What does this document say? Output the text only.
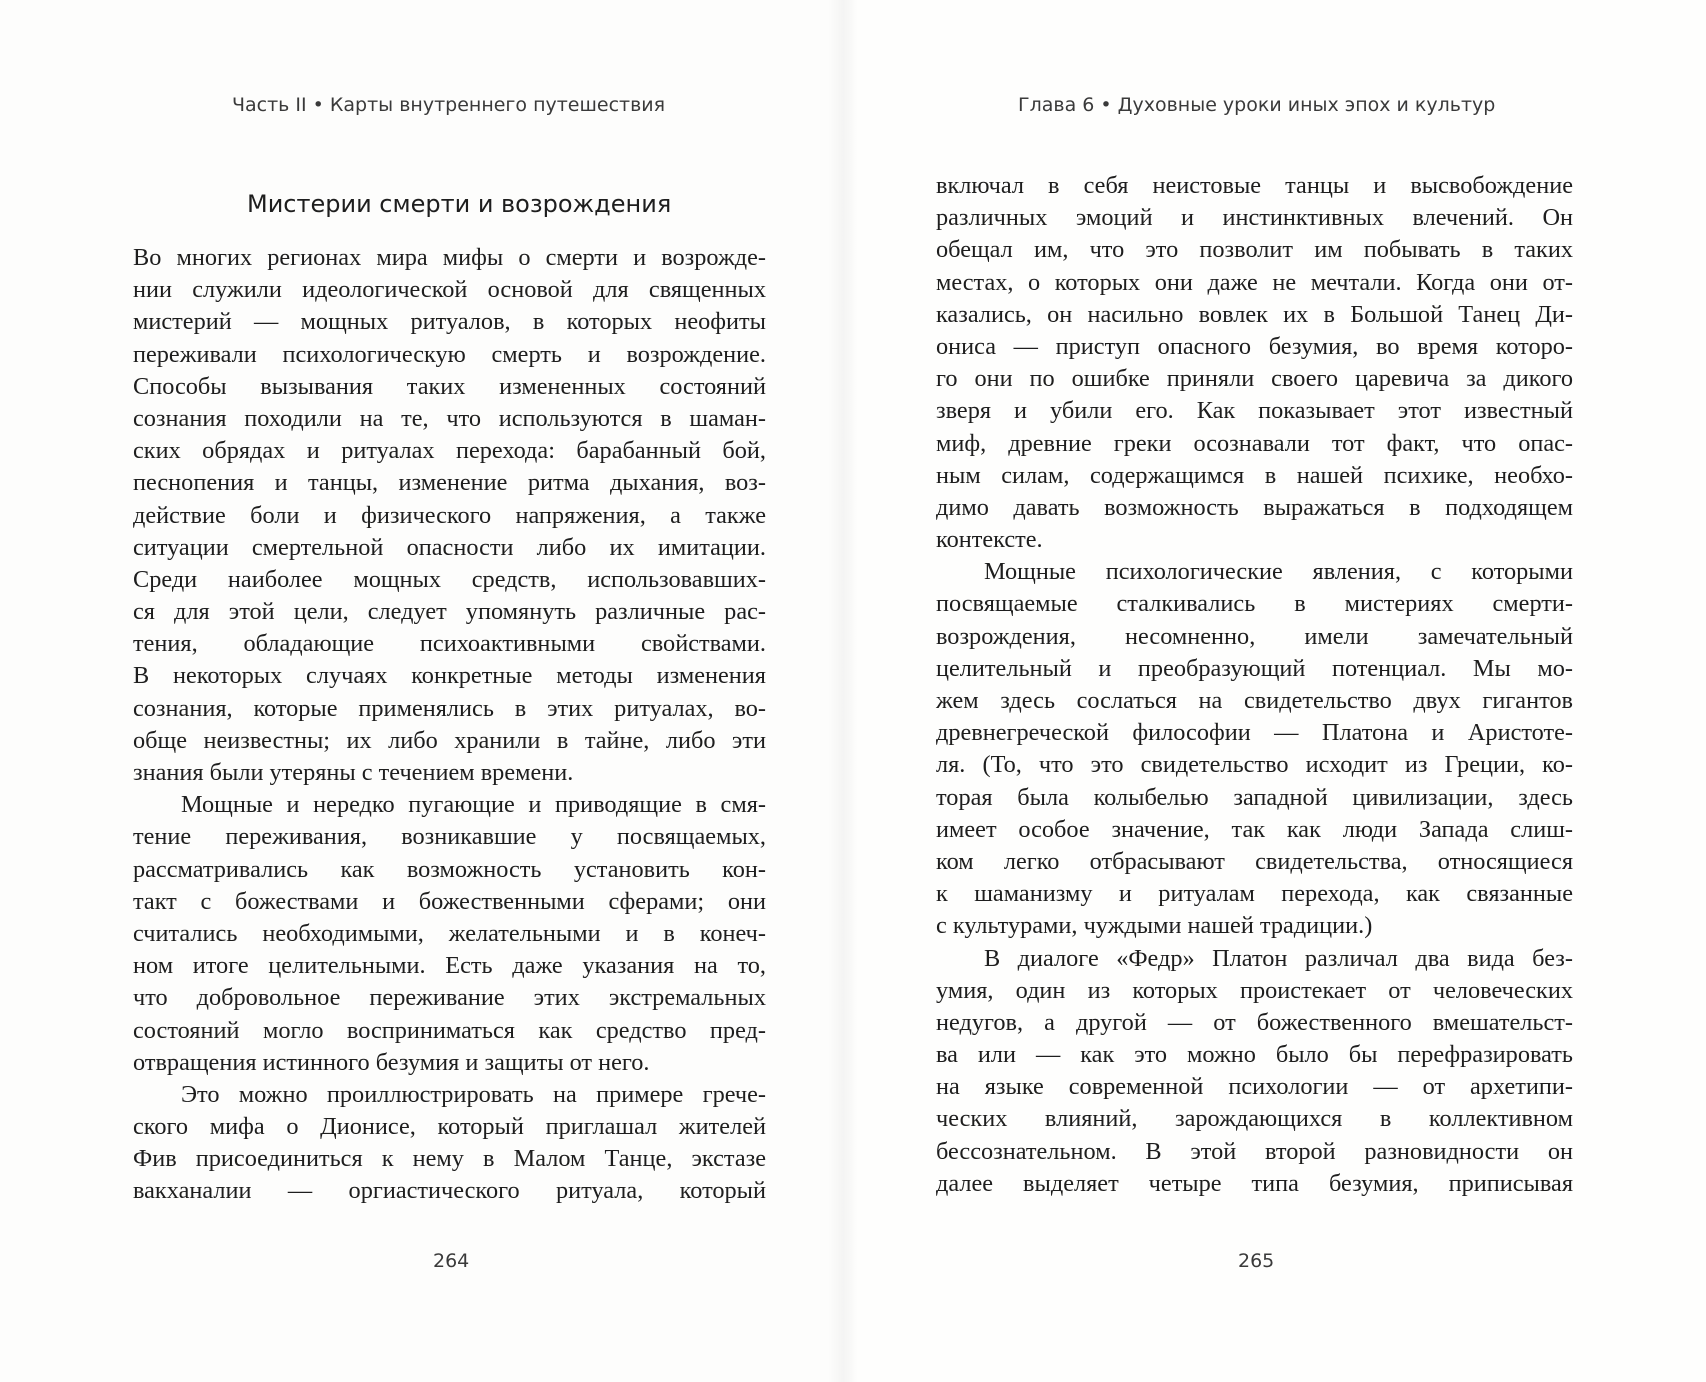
Часть II • Карты внутреннего путешествия
Мистерии смерти и возрождения
Во многих регионах мира мифы о смерти и возрожде-
нии служили идеологической основой для священных
мистерий — мощных ритуалов, в которых неофиты
переживали психологическую смерть и возрождение.
Способы вызывания таких измененных состояний
сознания походили на те, что используются в шаман-
ских обрядах и ритуалах перехода: барабанный бой,
песнопения и танцы, изменение ритма дыхания, воз-
действие боли и физического напряжения, а также
ситуации смертельной опасности либо их имитации.
Среди наиболее мощных средств, использовавших-
ся для этой цели, следует упомянуть различные рас-
тения, обладающие психоактивными свойствами.
В некоторых случаях конкретные методы изменения
сознания, которые применялись в этих ритуалах, во-
обще неизвестны; их либо хранили в тайне, либо эти
знания были утеряны с течением времени.
Мощные и нередко пугающие и приводящие в смя-
тение переживания, возникавшие у посвящаемых,
рассматривались как возможность установить кон-
такт с божествами и божественными сферами; они
считались необходимыми, желательными и в конеч-
ном итоге целительными. Есть даже указания на то,
что добровольное переживание этих экстремальных
состояний могло восприниматься как средство пред-
отвращения истинного безумия и защиты от него.
Это можно проиллюстрировать на примере грече-
ского мифа о Дионисе, который приглашал жителей
Фив присоединиться к нему в Малом Танце, экстазе
вакханалии — оргиастического ритуала, который
264
Глава 6 • Духовные уроки иных эпох и культур
включал в себя неистовые танцы и высвобождение
различных эмоций и инстинктивных влечений. Он
обещал им, что это позволит им побывать в таких
местах, о которых они даже не мечтали. Когда они от-
казались, он насильно вовлек их в Большой Танец Ди-
ониса — приступ опасного безумия, во время которо-
го они по ошибке приняли своего царевича за дикого
зверя и убили его. Как показывает этот известный
миф, древние греки осознавали тот факт, что опас-
ным силам, содержащимся в нашей психике, необхо-
димо давать возможность выражаться в подходящем
контексте.
Мощные психологические явления, с которыми
посвящаемые сталкивались в мистериях смерти-
возрождения, несомненно, имели замечательный
целительный и преобразующий потенциал. Мы мо-
жем здесь сослаться на свидетельство двух гигантов
древнегреческой философии — Платона и Аристоте-
ля. (То, что это свидетельство исходит из Греции, ко-
торая была колыбелью западной цивилизации, здесь
имеет особое значение, так как люди Запада слиш-
ком легко отбрасывают свидетельства, относящиеся
к шаманизму и ритуалам перехода, как связанные
с культурами, чуждыми нашей традиции.)
В диалоге «Федр» Платон различал два вида без-
умия, один из которых проистекает от человеческих
недугов, а другой — от божественного вмешательст-
ва или — как это можно было бы перефразировать
на языке современной психологии — от архетипи-
ческих влияний, зарождающихся в коллективном
бессознательном. В этой второй разновидности он
далее выделяет четыре типа безумия, приписывая
265
